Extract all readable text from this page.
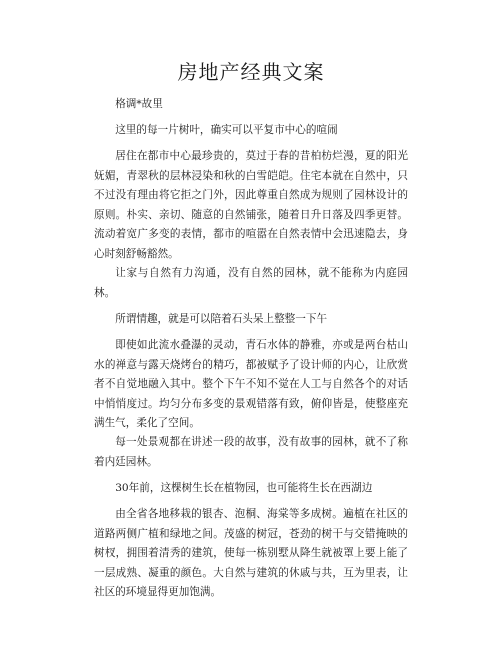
房地产经典文案
格调*故里
这里的每一片树叶，确实可以平复市中心的喧闹
居住在都市中心最珍贵的，莫过于春的昔柏枋烂漫，夏的阳光妩媚，青翠秋的层林浸染和秋的白雪皑皑。住宅本就在自然中，只不过没有理由将它拒之门外，因此尊重自然成为规则了园林设计的原则。朴实、亲切、随意的自然铺张，随着日升日落及四季更替。流动着宽广多变的表情，都市的喧嚣在自然表情中会迅速隐去，身心时刻舒畅豁然。
让家与自然有力沟通，没有自然的园林，就不能称为内庭园林。
所谓情趣，就是可以陪着石头呆上整整一下午
即使如此流水叠瀑的灵动，青石水体的静雅，亦或是两台枯山水的禅意与露天烧烤台的精巧，都被赋予了设计师的内心，让欣赏者不自觉地融入其中。整个下午不知不觉在人工与自然各个的对话中悄悄度过。均匀分布多变的景观错落有致，俯仰皆是，使整座充满生气，柔化了空间。
每一处景观都在讲述一段的故事，没有故事的园林，就不了称着内廷园林。
30年前，这棵树生长在植物园，也可能将生长在西湖边
由全省各地移栽的银杏、泡桐、海棠等多成树。遍植在社区的道路两侧广植和绿地之间。茂盛的树冠，苍劲的树干与交错掩映的树杈，拥围着清秀的建筑，使每一栋别墅从降生就被罩上要上能了一层成熟、凝重的颜色。大自然与建筑的休戚与共，互为里表，让社区的环境显得更加饱满。
